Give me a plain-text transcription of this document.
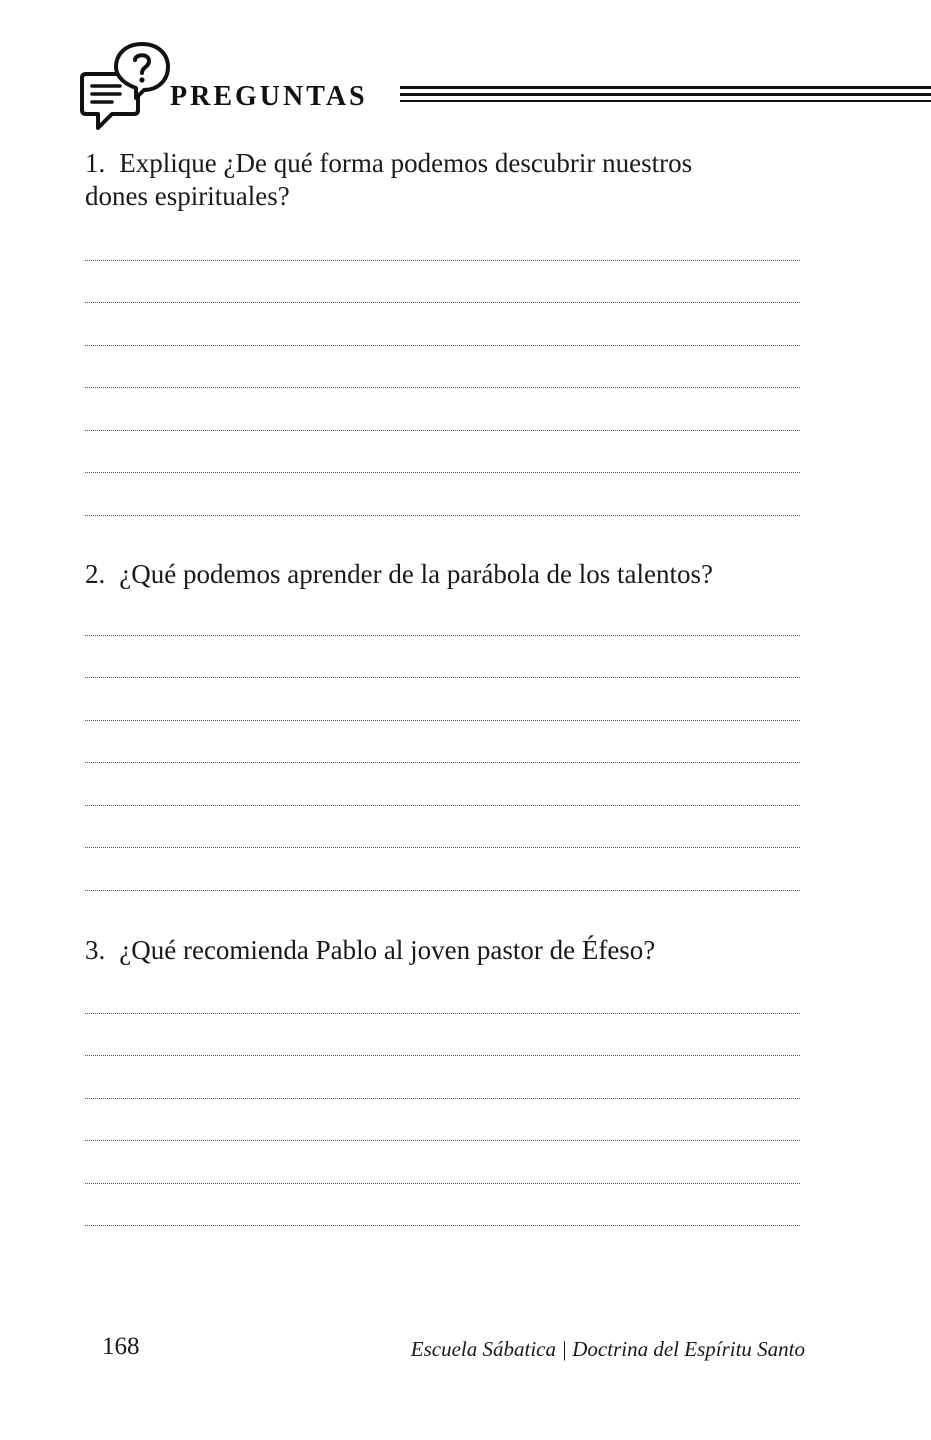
PREGUNTAS
1. Explique ¿De qué forma podemos descubrir nuestros
dones espirituales?
2. ¿Qué podemos aprender de la parábola de los talentos?
3. ¿Qué recomienda Pablo al joven pastor de Éfeso?
168	Escuela Sábatica | Doctrina del Espíritu Santo
